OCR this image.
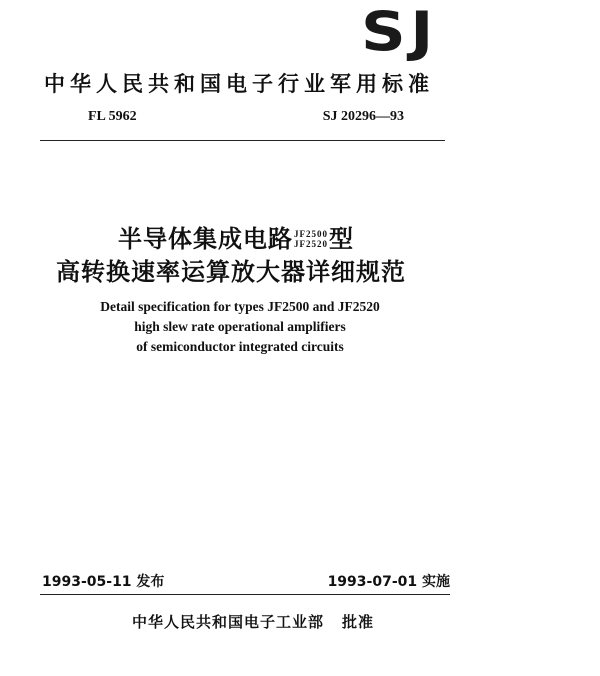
SJ
中华人民共和国电子行业军用标准
FL 5962	SJ 20296—93
半导体集成电路 JF2500
JF2520 型
高转换速率运算放大器详细规范
Detail specification for types JF2500 and JF2520
high slew rate operational amplifiers
of semiconductor integrated circuits
1993-05-11 发布	1993-07-01 实施
中华人民共和国电子工业部 批准
